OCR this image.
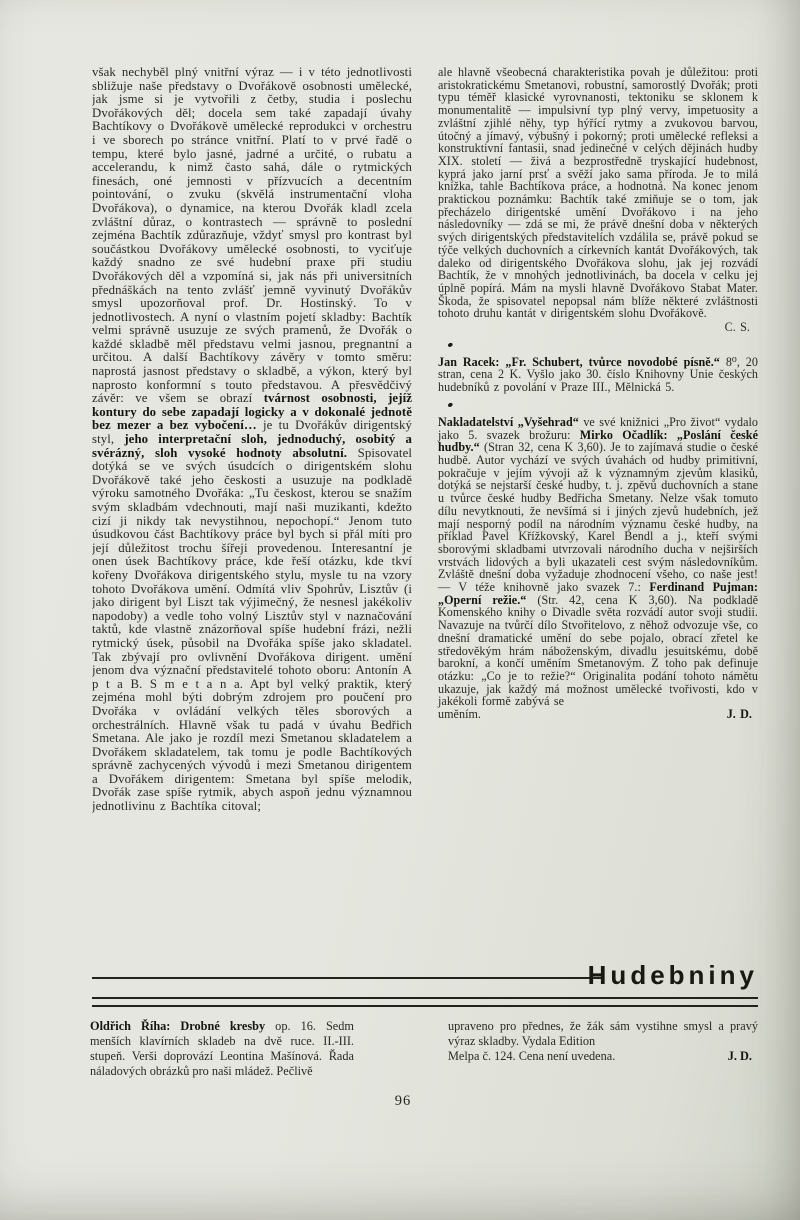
však nechyběl plný vnitřní výraz — i v této jednotlivosti sbližuje naše představy o Dvořákově osobnosti umělecké, jak jsme si je vytvořili z četby, studia i poslechu Dvořákových děl; docela sem také zapadají úvahy Bachtíkovy o Dvořákově umělecké reprodukci v orchestru i ve sborech po stránce vnitřní. Platí to v prvé řadě o tempu, které bylo jasné, jadrné a určité, o rubatu a accelerandu, k nimž často sahá, dále o rytmických finesách, oné jemnosti v přízvucích a decentním pointování, o zvuku (skvělá instrumentační vloha Dvořákova), o dynamice, na kterou Dvořák kladl zcela zvláštní důraz, o kontrastech — správně to poslední zejména Bachtík zdůrazňuje, vždyť smysl pro kontrast byl součástkou Dvořákovy umělecké osobnosti, to vyciťuje každý snadno ze své hudební praxe při studiu Dvořákových děl a vzpomíná si, jak nás při universitních přednáškách na tento zvlášť jemně vyvinutý Dvořákův smysl upozorňoval prof. Dr. Hostinský. To v jednotlivostech. A nyní o vlastním pojetí skladby: Bachtík velmi správně usuzuje ze svých pramenů, že Dvořák o každé skladbě měl představu velmi jasnou, pregnantní a určitou. A další Bachtíkovy závěry v tomto směru: naprostá jasnost představy o skladbě, a výkon, který byl naprosto konformní s touto představou. A přesvědčivý závěr: ve všem se obrazí tvárnost osobnosti, jejíž kontury do sebe zapadají logicky a v dokonalé jednotě bez mezer a bez vybočení… je tu Dvořákův dirigentský styl, jeho interpretační sloh, jednoduchý, osobitý a svérázný, sloh vysoké hodnoty absolutní. Spisovatel dotýká se ve svých úsudcích o dirigentském slohu Dvořákově také jeho českosti a usuzuje na podkladě výroku samotného Dvořáka: „Tu českost, kterou se snažím svým skladbám vdechnouti, mají naši muzikanti, kdežto cizí ji nikdy tak nevystihnou, nepochopí.“ Jenom tuto úsudkovou část Bachtíkovy práce byl bych si přál míti pro její důležitost trochu šířeji provedenou. Interesantní je onen úsek Bachtíkovy práce, kde řeší otázku, kde tkví kořeny Dvořákova dirigentského stylu, mysle tu na vzory tohoto Dvořákova umění. Odmítá vliv Spohrův, Lisztův (i jako dirigent byl Liszt tak výjimečný, že nesnesl jakékoliv napodoby) a vedle toho volný Lisztův styl v naznačování taktů, kde vlastně znázorňoval spíše hudební frázi, nežli rytmický úsek, působil na Dvořáka spíše jako skladatel. Tak zbývají pro ovlivnění Dvořákova dirigent. umění jenom dva význační představitelé tohoto oboru: Antonín A p t a B. S m e t a n a. Apt byl velký praktik, který zejména mohl býti dobrým zdrojem pro poučení pro Dvořáka v ovládání velkých těles sborových a orchestrálních. Hlavně však tu padá v úvahu Bedřich Smetana. Ale jako je rozdíl mezi Smetanou skladatelem a Dvořákem skladatelem, tak tomu je podle Bachtíkových správně zachycených vývodů i mezi Smetanou dirigentem a Dvořákem dirigentem: Smetana byl spíše melodik, Dvořák zase spíše rytmik, abych aspoň jednu významnou jednotlivinu z Bachtíka citoval;
ale hlavně všeobecná charakteristika povah je důležitou: proti aristokratickému Smetanovi, robustní, samorostlý Dvořák; proti typu téměř klasické vyrovnanosti, tektoniku se sklonem k monumentalitě — impulsivní typ plný vervy, impetuosity a zvláštní zjihlé něhy, typ hýřící rytmy a zvukovou barvou, útočný a jímavý, výbušný i pokorný; proti umělecké refleksi a konstruktivní fantasii, snad jedinečné v celých dějinách hudby XIX. století — živá a bezprostředně tryskající hudebnost, kyprá jako jarní prsť a svěží jako sama příroda. Je to milá knížka, tahle Bachtíkova práce, a hodnotná. Na konec jenom praktickou poznámku: Bachtík také zmiňuje se o tom, jak přecházelo dirigentské umění Dvořákovo i na jeho následovníky — zdá se mi, že právě dnešní doba v některých svých dirigentských představitelích vzdálila se, právě pokud se týče velkých duchovních a církevních kantát Dvořákových, tak daleko od dirigentského Dvořákova slohu, jak jej rozvádí Bachtík, že v mnohých jednotlivinách, ba docela v celku jej úplně popírá. Mám na mysli hlavně Dvořákovo Stabat Mater. Škoda, že spisovatel nepopsal nám blíže některé zvláštnosti tohoto druhu kantát v dirigentském slohu Dvořákově.
C. S.
●
Jan Racek: „Fr. Schubert, tvůrce novodobé písně.“ 8⁰, 20 stran, cena 2 K. Vyšlo jako 30. číslo Knihovny Unie českých hudebníků z povolání v Praze III., Mělnická 5.
●
Nakladatelství „Vyšehrad“ ve své knižnici „Pro život“ vydalo jako 5. svazek brožuru: Mirko Očadlík: „Poslání české hudby.“ (Stran 32, cena K 3,60). Je to zajímavá studie o české hudbě. Autor vychází ve svých úvahách od hudby primitivní, pokračuje v jejím vývoji až k významným zjevům klasiků, dotýká se nejstarší české hudby, t. j. zpěvů duchovních a stane u tvůrce české hudby Bedřicha Smetany. Nelze však tomuto dílu nevytknouti, že nevšímá si i jiných zjevů hudebních, jež mají nesporný podíl na národním významu české hudby, na příklad Pavel Křížkovský, Karel Bendl a j., kteří svými sborovými skladbami utvrzovali národního ducha v nejširších vrstvách lidových a byli ukazateli cest svým následovníkům. Zvláště dnešní doba vyžaduje zhodnocení všeho, co naše jest! — V téže knihovně jako svazek 7.: Ferdinand Pujman: „Operní režie.“ (Str. 42, cena K 3,60). Na podkladě Komenského knihy o Divadle světa rozvádí autor svoji studii. Navazuje na tvůrčí dílo Stvořitelovo, z něhož odvozuje vše, co dnešní dramatické umění do sebe pojalo, obrací zřetel ke středověkým hrám náboženským, divadlu jesuitskému, době barokní, a končí uměním Smetanovým. Z toho pak definuje otázku: „Co je to režie?“ Originalita podání tohoto námětu ukazuje, jak každý má možnost umělecké tvořivosti, kdo v jakékoli formě zabývá se
uměním.	J. D.
Hudebniny
Oldřich Říha: Drobné kresby op. 16. Sedm menších klavírních skladeb na dvě ruce. II.-III. stupeň. Verši doprovází Leontina Mašínová. Řada náladových obrázků pro naši mládež. Pečlivě
upraveno pro přednes, že žák sám vystihne smysl a pravý výraz skladby. Vydala Edition
Melpa č. 124. Cena není uvedena.	J. D.
96
